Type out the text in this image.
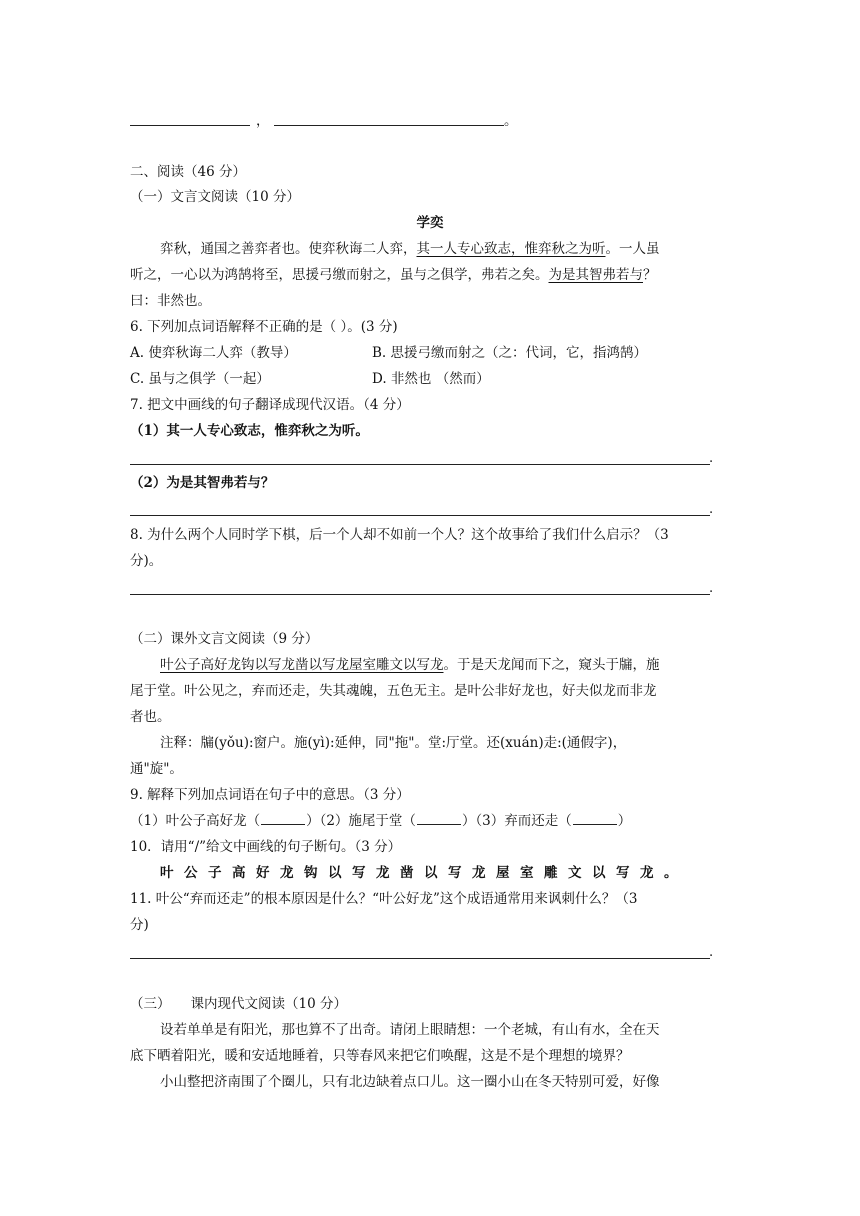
，	。
二、阅读（46 分）
（一）文言文阅读（10 分）
学奕
弈秋，通国之善弈者也。使弈秋诲二人弈，其一人专心致志，惟弈秋之为听。一人虽
听之，一心以为鸿鹄将至，思援弓缴而射之，虽与之俱学，弗若之矣。为是其智弗若与？
曰：非然也。
6. 下列加点词语解释不正确的是（ ）。(3 分)
A. 使弈秋诲二人弈（教导）	B. 思援弓缴而射之（之：代词，它，指鸿鹄）
C. 虽与之俱学（一起）	D. 非然也 （然而）
7. 把文中画线的句子翻译成现代汉语。（4 分）
（1）其一人专心致志，惟弈秋之为听。
.
（2）为是其智弗若与？
.
8. 为什么两个人同时学下棋，后一个人却不如前一个人？这个故事给了我们什么启示？（3
分)。
.
（二）课外文言文阅读（9 分）
叶公子高好龙钩以写龙凿以写龙屋室雕文以写龙。于是天龙闻而下之，窥头于牖，施
尾于堂。叶公见之，弃而还走，失其魂魄，五色无主。是叶公非好龙也，好夫似龙而非龙
者也。
注释：牖(yǒu):窗户。施(yì):延伸，同"拖"。堂:厅堂。还(xuán)走:(通假字)，
通"旋"。
9. 解释下列加点词语在句子中的意思。（3 分）
（1）叶公子高好龙（	）（2）施尾于堂（	）（3）弃而还走（	）
10．请用“/”给文中画线的句子断句。（3 分）
叶公子高好龙钩以写龙凿以写龙屋室雕文以写龙。
11. 叶公“弃而还走”的根本原因是什么？“叶公好龙”这个成语通常用来讽刺什么？（3
分)
.
（三） 课内现代文阅读（10 分）
设若单单是有阳光，那也算不了出奇。请闭上眼睛想：一个老城，有山有水，全在天
底下晒着阳光，暖和安适地睡着，只等春风来把它们唤醒，这是不是个理想的境界？
小山整把济南围了个圈儿，只有北边缺着点口儿。这一圈小山在冬天特别可爱，好像
